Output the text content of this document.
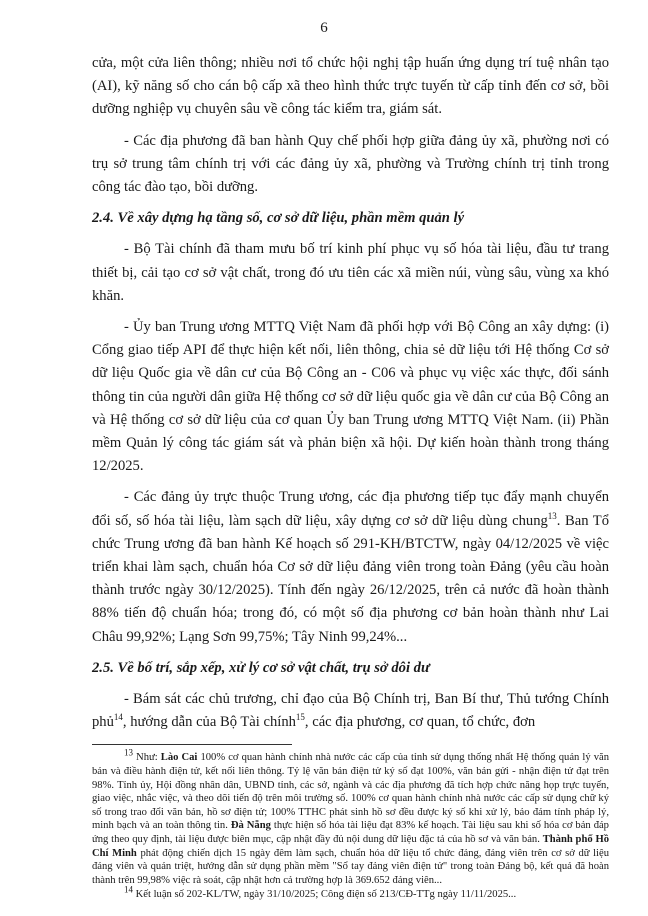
6

cửa, một cửa liên thông; nhiều nơi tổ chức hội nghị tập huấn ứng dụng trí tuệ nhân tạo (AI), kỹ năng số cho cán bộ cấp xã theo hình thức trực tuyến từ cấp tỉnh đến cơ sở, bồi dưỡng nghiệp vụ chuyên sâu về công tác kiểm tra, giám sát.

- Các địa phương đã ban hành Quy chế phối hợp giữa đảng ủy xã, phường nơi có trụ sở trung tâm chính trị với các đảng ủy xã, phường và Trường chính trị tỉnh trong công tác đào tạo, bồi dưỡng.

2.4. Về xây dựng hạ tầng số, cơ sở dữ liệu, phần mềm quản lý

- Bộ Tài chính đã tham mưu bố trí kinh phí phục vụ số hóa tài liệu, đầu tư trang thiết bị, cải tạo cơ sở vật chất, trong đó ưu tiên các xã miền núi, vùng sâu, vùng xa khó khăn.

- Ủy ban Trung ương MTTQ Việt Nam đã phối hợp với Bộ Công an xây dựng: (i) Cổng giao tiếp API để thực hiện kết nối, liên thông, chia sẻ dữ liệu tới Hệ thống Cơ sở dữ liệu Quốc gia về dân cư của Bộ Công an - C06 và phục vụ việc xác thực, đối sánh thông tin của người dân giữa Hệ thống cơ sở dữ liệu quốc gia về dân cư của Bộ Công an và Hệ thống cơ sở dữ liệu của cơ quan Ủy ban Trung ương MTTQ Việt Nam. (ii) Phần mềm Quản lý công tác giám sát và phản biện xã hội. Dự kiến hoàn thành trong tháng 12/2025.

- Các đảng ủy trực thuộc Trung ương, các địa phương tiếp tục đẩy mạnh chuyển đổi số, số hóa tài liệu, làm sạch dữ liệu, xây dựng cơ sở dữ liệu dùng chung$^{13}$. Ban Tổ chức Trung ương đã ban hành Kế hoạch số 291-KH/BTCTW, ngày 04/12/2025 về việc triển khai làm sạch, chuẩn hóa Cơ sở dữ liệu đảng viên trong toàn Đảng (yêu cầu hoàn thành trước ngày 30/12/2025). Tính đến ngày 26/12/2025, trên cả nước đã hoàn thành 88% tiến độ chuẩn hóa; trong đó, có một số địa phương cơ bản hoàn thành như Lai Châu 99,92%; Lạng Sơn 99,75%; Tây Ninh 99,24%...

2.5. Về bố trí, sắp xếp, xử lý cơ sở vật chất, trụ sở dôi dư

- Bám sát các chủ trương, chỉ đạo của Bộ Chính trị, Ban Bí thư, Thủ tướng Chính phủ$^{14}$, hướng dẫn của Bộ Tài chính$^{15}$, các địa phương, cơ quan, tổ chức, đơn

$^{13}$ Như: Lào Cai 100% cơ quan hành chính nhà nước các cấp của tỉnh sử dụng thống nhất Hệ thống quản lý văn bản và điều hành điện tử, kết nối liên thông. Tỷ lệ văn bản điện tử ký số đạt 100%, văn bản gửi - nhận điện tử đạt trên 98%. Tỉnh ủy, Hội đồng nhân dân, UBND tỉnh, các sở, ngành và các địa phương đã tích hợp chức năng họp trực tuyến, giao việc, nhắc việc, và theo dõi tiến độ trên môi trường số. 100% cơ quan hành chính nhà nước các cấp sử dụng chữ ký số trong trao đổi văn bản, hồ sơ điện tử; 100% TTHC phát sinh hồ sơ đều được ký số khi xử lý, bảo đảm tính pháp lý, minh bạch và an toàn thông tin. Đà Nẵng thực hiện số hóa tài liệu đạt 83% kế hoạch. Tài liệu sau khi số hóa cơ bản đáp ứng theo quy định, tài liệu được biên mục, cập nhật đầy đủ nội dung dữ liệu đặc tả của hồ sơ và văn bản. Thành phố Hồ Chí Minh phát động chiến dịch 15 ngày đêm làm sạch, chuẩn hóa dữ liệu tổ chức đảng, đảng viên trên cơ sở dữ liệu đảng viên và quản triệt, hướng dẫn sử dụng phần mềm "Sổ tay đảng viên điện tử" trong toàn Đảng bộ, kết quả đã hoàn thành trên 99,98% việc rà soát, cập nhật hơn cả trường hợp là 369.652 đảng viên...

$^{14}$ Kết luận số 202-KL/TW, ngày 31/10/2025; Công điện số 213/CĐ-TTg ngày 11/11/2025...
